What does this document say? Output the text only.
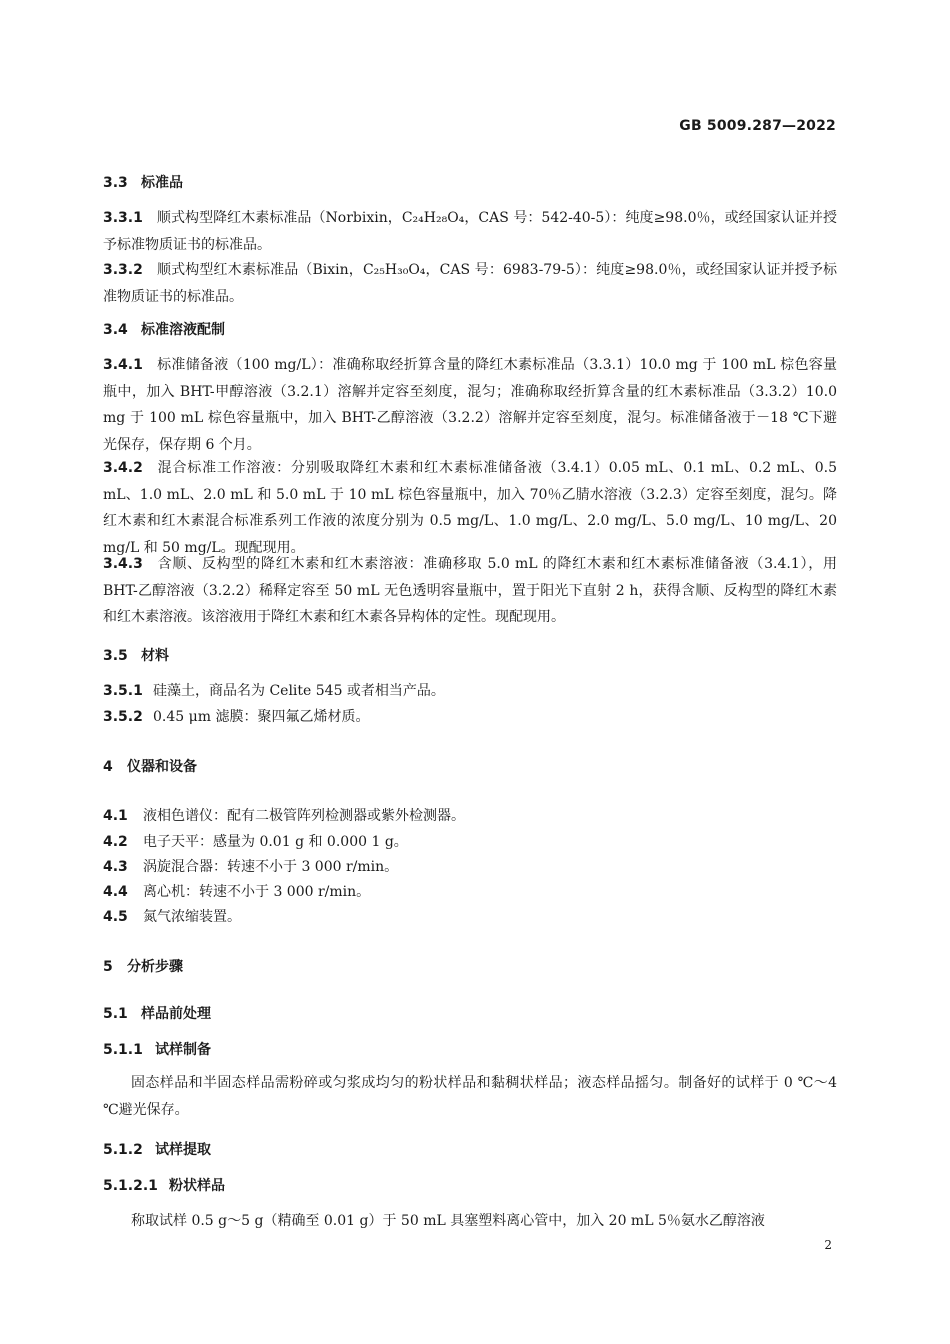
GB 5009.287—2022
3.3 标准品
3.3.1 顺式构型降红木素标准品（Norbixin，C₂₄H₂₈O₄，CAS 号：542-40-5）：纯度≥98.0％，或经国家认证并授予标准物质证书的标准品。
3.3.2 顺式构型红木素标准品（Bixin，C₂₅H₃₀O₄，CAS 号：6983-79-5）：纯度≥98.0％，或经国家认证并授予标准物质证书的标准品。
3.4 标准溶液配制
3.4.1 标准储备液（100 mg/L）：准确称取经折算含量的降红木素标准品（3.3.1）10.0 mg 于 100 mL 棕色容量瓶中，加入 BHT-甲醇溶液（3.2.1）溶解并定容至刻度，混匀；准确称取经折算含量的红木素标准品（3.3.2）10.0 mg 于 100 mL 棕色容量瓶中，加入 BHT-乙醇溶液（3.2.2）溶解并定容至刻度，混匀。标准储备液于－18 ℃下避光保存，保存期 6 个月。
3.4.2 混合标准工作溶液：分别吸取降红木素和红木素标准储备液（3.4.1）0.05 mL、0.1 mL、0.2 mL、0.5 mL、1.0 mL、2.0 mL 和 5.0 mL 于 10 mL 棕色容量瓶中，加入 70％乙腈水溶液（3.2.3）定容至刻度，混匀。降红木素和红木素混合标准系列工作液的浓度分别为 0.5 mg/L、1.0 mg/L、2.0 mg/L、5.0 mg/L、10 mg/L、20 mg/L 和 50 mg/L。现配现用。
3.4.3 含顺、反构型的降红木素和红木素溶液：准确移取 5.0 mL 的降红木素和红木素标准储备液（3.4.1），用 BHT-乙醇溶液（3.2.2）稀释定容至 50 mL 无色透明容量瓶中，置于阳光下直射 2 h，获得含顺、反构型的降红木素和红木素溶液。该溶液用于降红木素和红木素各异构体的定性。现配现用。
3.5 材料
3.5.1 硅藻土，商品名为 Celite 545 或者相当产品。
3.5.2 0.45 μm 滤膜：聚四氟乙烯材质。
4 仪器和设备
4.1 液相色谱仪：配有二极管阵列检测器或紫外检测器。
4.2 电子天平：感量为 0.01 g 和 0.000 1 g。
4.3 涡旋混合器：转速不小于 3 000 r/min。
4.4 离心机：转速不小于 3 000 r/min。
4.5 氮气浓缩装置。
5 分析步骤
5.1 样品前处理
5.1.1 试样制备
固态样品和半固态样品需粉碎或匀浆成均匀的粉状样品和黏稠状样品；液态样品摇匀。制备好的试样于 0 ℃～4 ℃避光保存。
5.1.2 试样提取
5.1.2.1 粉状样品
称取试样 0.5 g～5 g（精确至 0.01 g）于 50 mL 具塞塑料离心管中，加入 20 mL 5％氨水乙醇溶液
2
